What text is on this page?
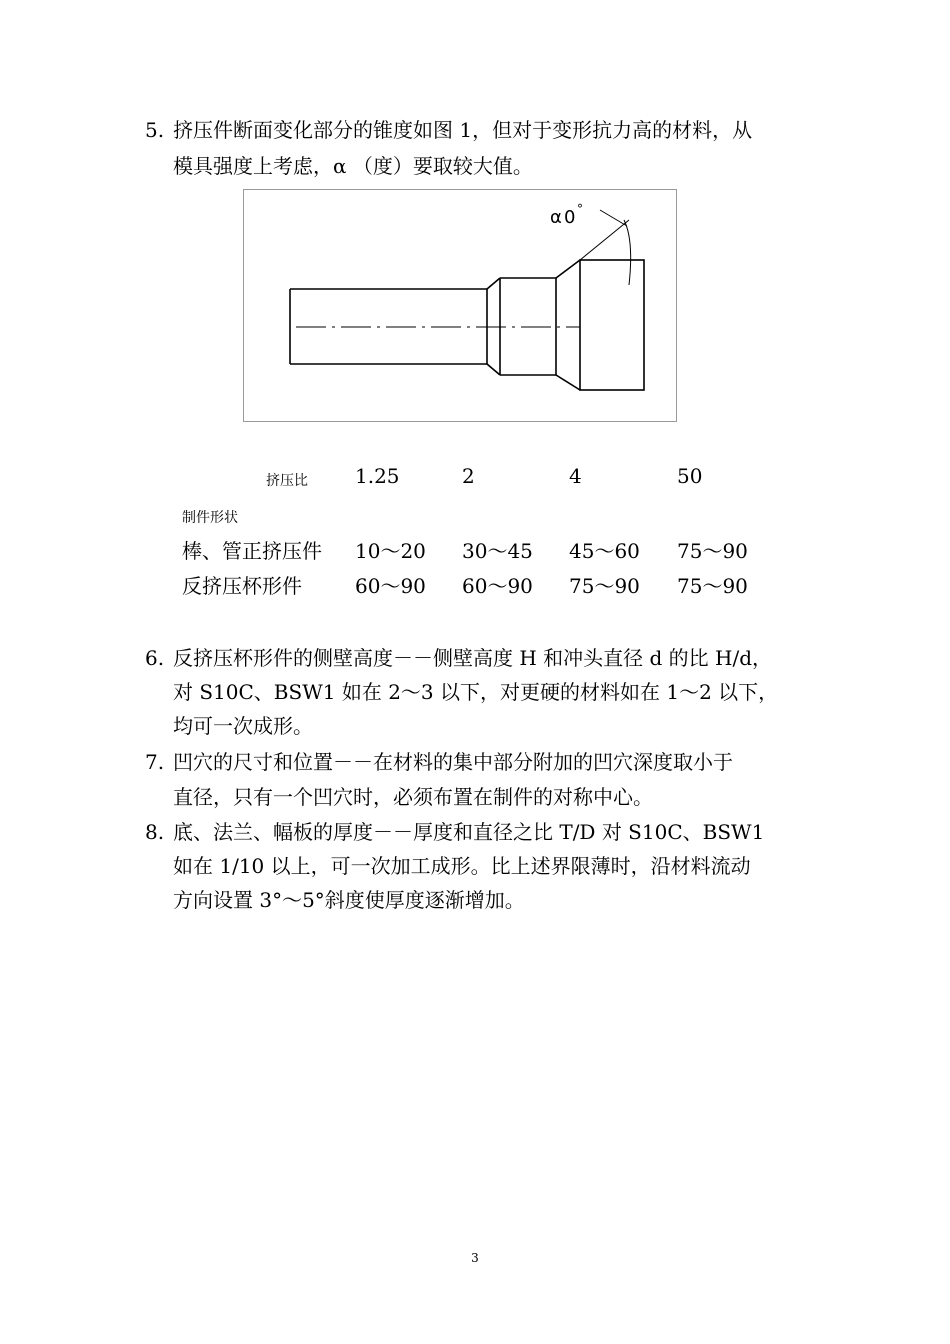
5. 挤压件断面变化部分的锥度如图 1，但对于变形抗力高的材料，从
模具强度上考虑，α （度）要取较大值。
α 0 °
挤压比 1.25	2	4	50
制件形状
棒、管正挤压件 10～20 30～45 45～60 75～90
反挤压杯形件	60～90 60～90 75～90 75～90
6. 反挤压杯形件的侧壁高度－－侧壁高度 H 和冲头直径 d 的比 H/d，
对 S10C、BSW1 如在 2～3 以下，对更硬的材料如在 1～2 以下，
均可一次成形。
7. 凹穴的尺寸和位置－－在材料的集中部分附加的凹穴深度取小于
直径，只有一个凹穴时，必须布置在制件的对称中心。
8. 底、法兰、幅板的厚度－－厚度和直径之比 T/D 对 S10C、BSW1
如在 1/10 以上，可一次加工成形。比上述界限薄时，沿材料流动
方向设置 3°～5°斜度使厚度逐渐增加。
3
